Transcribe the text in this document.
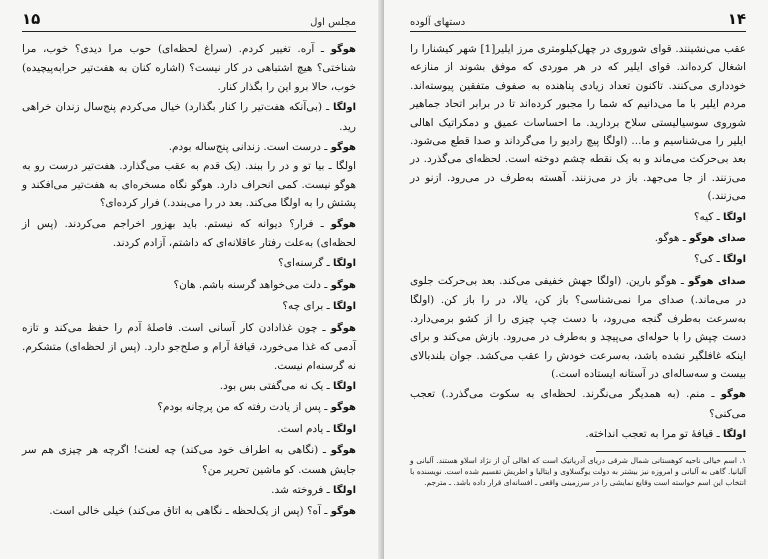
مجلس اول
۱۵

هوگو ـ آره. تغییر کردم. (سراغ لحظه‌ای) حوب مرا دیدی؟ خوب، مرا شناختی؟ هیچ اشتباهی در کار نیست؟ (اشاره کنان به هفت‌تیر حرابه‌پیچیده) خوب، حالا برو این را بگذار کنار.

اولگا ـ (بی‌آنکه هفت‌تیر را کنار بگذارد) خیال می‌کردم پنج‌سال زندان خراهی رید.

هوگو ـ درست است. زندانی پنج‌ساله بودم.

اولگا ـ بیا تو و در را ببند. (یک قدم به عقب می‌گذارد. هفت‌تیر درست رو به هوگو نیست. کمی انحراف دارد. هوگو نگاه مسخره‌ای به هفت‌تیر می‌افکند و پشتش را به اولگا می‌کند. بعد در را می‌بندد.) فرار کرده‌ای؟

هوگو ـ فرار؟ دیوانه که نیستم. باید بهزور اخراجم می‌کردند. (پس از لحظه‌ای) به‌علت رفتار عاقلانه‌ای که داشتم، آزادم کردند.

اولگا ـ گرسنه‌ای؟

هوگو ـ دلت می‌خواهد گرسنه باشم. هان؟

اولگا ـ برای چه؟

هوگو ـ چون غذادادن کار آسانی است. فاصلهٔ آدم را حفظ می‌کند و تازه آدمی که غذا می‌خورد، قیافهٔ آرام و صلح‌جو دارد. (پس از لحظه‌ای) متشکرم. نه گرسنه‌ام نیست.

اولگا ـ یک نه می‌گفتی بس بود.

هوگو ـ پس از یادت رفته که من پرچانه بودم؟

اولگا ـ یادم است.

هوگو ـ (نگاهی به اطراف خود می‌کند) چه لعنت! اگرچه هر چیزی هم سر جایش هست. کو ماشین تحریر من؟

اولگا ـ فروخته شد.

هوگو ـ آه؟ (پس از یک‌لحظه ـ نگاهی به اتاق می‌کند) خیلی خالی است.

۱۴
دستهای آلوده

عقب می‌نشینند. قوای شوروی در چهل‌کیلومتری مرز ایلیر[1] شهر کیشنارا را اشغال کرده‌اند. قوای ایلیر که در هر موردی که موفق بشوند از منازعه خودداری می‌کنند. تاکنون تعداد زیادی پناهنده به صفوف متفقین پیوسته‌اند. مردم ایلیر با ما می‌دانیم که شما را مجبور کرده‌اند تا در برابر اتحاد جماهیر شوروی سوسیالیستی سلاح بردارید. ما احساسات عمیق و دمکراتیک اهالی ایلیر را می‌شناسیم و ما... (اولگا پیچ رادیو را می‌گرداند و صدا قطع می‌شود. بعد بی‌حرکت می‌ماند و به یک نقطه چشم دوخته است. لحظه‌ای می‌گذرد. در می‌زنند. از جا می‌جهد. باز در می‌زنند. آهسته به‌طرف در می‌رود. ازنو در می‌زنند.)

اولگا ـ کیه؟

صدای هوگو ـ هوگو.

اولگا ـ کی؟

صدای هوگو ـ هوگو بارین. (اولگا جهش خفیفی می‌کند. بعد بی‌حرکت جلوی در می‌ماند.) صدای مرا نمی‌شناسی؟ باز کن، یالا، در را باز کن. (اولگا به‌سرعت به‌طرف گنجه می‌رود، با دست چپ چیزی را از کشو برمی‌دارد. دست چپش را با حوله‌ای می‌پیچد و به‌طرف در می‌رود. بازش می‌کند و برای اینکه غافلگیر نشده باشد، به‌سرعت خودش را عقب می‌کشد. جوان بلندبالای بیست و سه‌ساله‌ای در آستانه ایستاده است.)

هوگو ـ منم. (به همدیگر می‌نگرند. لحظه‌ای به سکوت می‌گذرد.) تعجب می‌کنی؟

اولگا ـ قیافهٔ تو مرا به تعجب انداخته.

۱. اسم خیالی ناحیه کوهستانی شمال شرقی دریای آدریاتیک است که اهالی آن از نژاد اسلاو هستند. آلبانی و آلبانیا. گاهی به آلبانی و امروزه نیز بیشتر به دولت یوگسلاوی و ایتالیا و اطریش تقسیم شده است. نویسنده با انتخاب این اسم خواسته است وقایع نمایشی را در سرزمینی واقعی ـ افسانه‌ای قرار داده باشد. ـ مترجم.
